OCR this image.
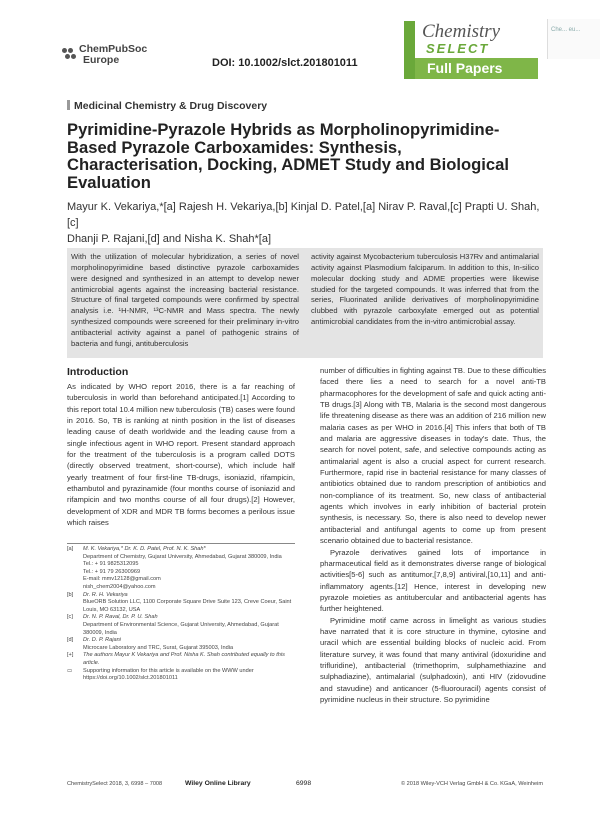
ChemPubSoc
Europe	DOI: 10.1002/slct.201801011
Chemistry
SELECT
Full Papers
Che... eu...
Medicinal Chemistry & Drug Discovery
Pyrimidine-Pyrazole Hybrids as Morpholinopyrimidine-Based Pyrazole Carboxamides: Synthesis, Characterisation, Docking, ADMET Study and Biological Evaluation
Mayur K. Vekariya,*[a] Rajesh H. Vekariya,[b] Kinjal D. Patel,[a] Nirav P. Raval,[c] Prapti U. Shah,[c]
Dhanji P. Rajani,[d] and Nisha K. Shah*[a]

With the utilization of molecular hybridization, a series of novel morpholinopyrimidine based distinctive pyrazole carboxamides were designed and synthesized in an attempt to develop newer antimicrobial agents against the increasing bacterial resistance. Structure of final targeted compounds were confirmed by spectral analysis i.e. ¹H-NMR, ¹³C-NMR and Mass spectra. The newly synthesized compounds were screened for their preliminary in-vitro antibacterial activity against a panel of pathogenic strains of bacteria and fungi, antituberculosis

activity against Mycobacterium tuberculosis H37Rv and antimalarial activity against Plasmodium falciparum. In addition to this, In-silico molecular docking study and ADME properties were likewise studied for the targeted compounds. It was inferred that from the series, Fluorinated anilide derivatives of morpholinopyrimidine clubbed with pyrazole carboxylate emerged out as potential antimicrobial candidates from the in-vitro antimicrobial assay.

Introduction

As indicated by WHO report 2016, there is a far reaching of tuberculosis in world than beforehand anticipated.[1] According to this report total 10.4 million new tuberculosis (TB) cases were found in 2016. So, TB is ranking at ninth position in the list of diseases leading cause of death worldwide and the leading cause from a single infectious agent in WHO report. Present standard approach for the treatment of the tuberculosis is a program called DOTS (directly observed treatment, short-course), which include half yearly treatment of four first-line TB-drugs, isoniazid, rifampicin, ethambutol and pyrazinamide (four months course of isoniazid and rifampicin and two months course of all four drugs).[2] However, development of XDR and MDR TB forms becomes a perilous issue which raises

number of difficulties in fighting against TB. Due to these difficulties faced there lies a need to search for a novel anti-TB pharmacophores for the development of safe and quick acting anti-TB drugs.[3] Along with TB, Malaria is the second most dangerous life threatening disease as there was an addition of 216 million new malaria cases as per WHO in 2016.[4] This infers that both of TB and malaria are aggressive diseases in today's date. Thus, the search for novel potent, safe, and selective compounds acting as antimalarial agent is also a crucial aspect for current research. Furthermore, rapid rise in bacterial resistance for many classes of antibiotics obtained due to random prescription of antibiotics and non-compliance of its treatment. So, new class of antibacterial agents which involves in early inhibition of bacterial protein synthesis, is necessary. So, there is also need to develop newer antibacterial and antifungal agents to come up from present scenario obtained due to bacterial resistance.

Pyrazole derivatives gained lots of importance in pharmaceutical field as it demonstrates diverse range of biological activities[5-6] such as antitumor,[7,8,9] antiviral,[10,11] and anti-inflammatory agents.[12] Hence, interest in developing new pyrazole moieties as antitubercular and antibacterial agents has further heightened.

Pyrimidine motif came across in limelight as various studies have narrated that it is core structure in thymine, cytosine and uracil which are essential building blocks of nucleic acid. From literature survey, it was found that many antiviral (idoxuridine and trifluridine), antibacterial (trimethoprim, sulphamethiazine and sulphadiazine), antimalarial (sulphadoxin), anti HIV (zidovudine and stavudine) and anticancer (5-fluorouracil) agents consist of pyrimidine nucleus in their structure. So pyrimidine

[a]	M. K. Vekariya,* Dr. K. D. Patel, Prof. N. K. Shah*
Department of Chemistry, Gujarat University, Ahmedabad, Gujarat 380009, India
Tel.: + 91 9825312095
Tel.: + 91 79 26300969
E-mail: mmv12128@gmail.com
nish_chem2004@yahoo.com
[b]	Dr. R. H. Vekariya
BlueORB Solution LLC, 1100 Corporate Square Drive Suite 123, Creve Coeur, Saint Louis, MO 63132, USA
[c]	Dr. N. P. Raval, Dr. P. U. Shah
Department of Environmental Science, Gujarat University, Ahmedabad, Gujarat 380009, India
[d]	Dr. D. P. Rajani
Microcare Laboratory and TRC, Surat, Gujarat 395003, India
[+]	The authors Mayur K Vekariya and Prof. Nisha K. Shah contributed equally to this article.
▭	Supporting information for this article is available on the WWW under https://doi.org/10.1002/slct.201801011
ChemistrySelect 2018, 3, 6998 – 7008	Wiley Online Library	6998	© 2018 Wiley-VCH Verlag GmbH & Co. KGaA, Weinheim
